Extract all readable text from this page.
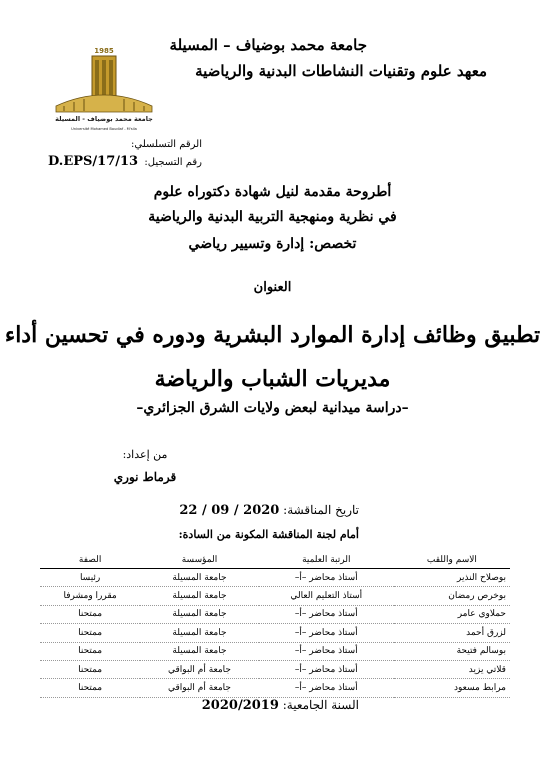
جامعة محمد بوضياف – المسيلة
معهد علوم وتقنيات النشاطات البدنية والرياضية
1985
جامعة محمد بوضياف - المسيلة
Université Mohamed Boudiaf - M'sila
الرقم التسلسلي:
رقم التسجيل:
D.EPS/17/13
أطروحة مقدمة لنيل شهادة دكتوراه علوم
في نظرية ومنهجية التربية البدنية والرياضية
تخصص: إدارة وتسيير رياضي
العنوان
تطبيق وظائف إدارة الموارد البشرية ودوره في تحسين أداء
مديريات الشباب والرياضة
–دراسة ميدانية لبعض ولايات الشرق الجزائري–
من إعداد:
قرماط نوري
تاريخ المناقشة: 22 / 09 / 2020
أمام لجنة المناقشة المكونة من السادة:
الاسم واللقب	الرتبة العلمية	المؤسسة	الصفة
بوصلاح النذير	أستاذ محاضر –أ–	جامعة المسيلة	رئيسا
بوخرص رمضان	أستاذ التعليم العالي	جامعة المسيلة	مقررا ومشرفا
حملاوي عامر	أستاذ محاضر –أ–	جامعة المسيلة	ممتحنا
لزرق أحمد	أستاذ محاضر –أ–	جامعة المسيلة	ممتحنا
بوسالم فتيحة	أستاذ محاضر –أ–	جامعة المسيلة	ممتحنا
قلاتي يزيد	أستاذ محاضر –أ–	جامعة أم البواقي	ممتحنا
مرابط مسعود	أستاذ محاضر –أ–	جامعة أم البواقي	ممتحنا
السنة الجامعية: 2020/2019
